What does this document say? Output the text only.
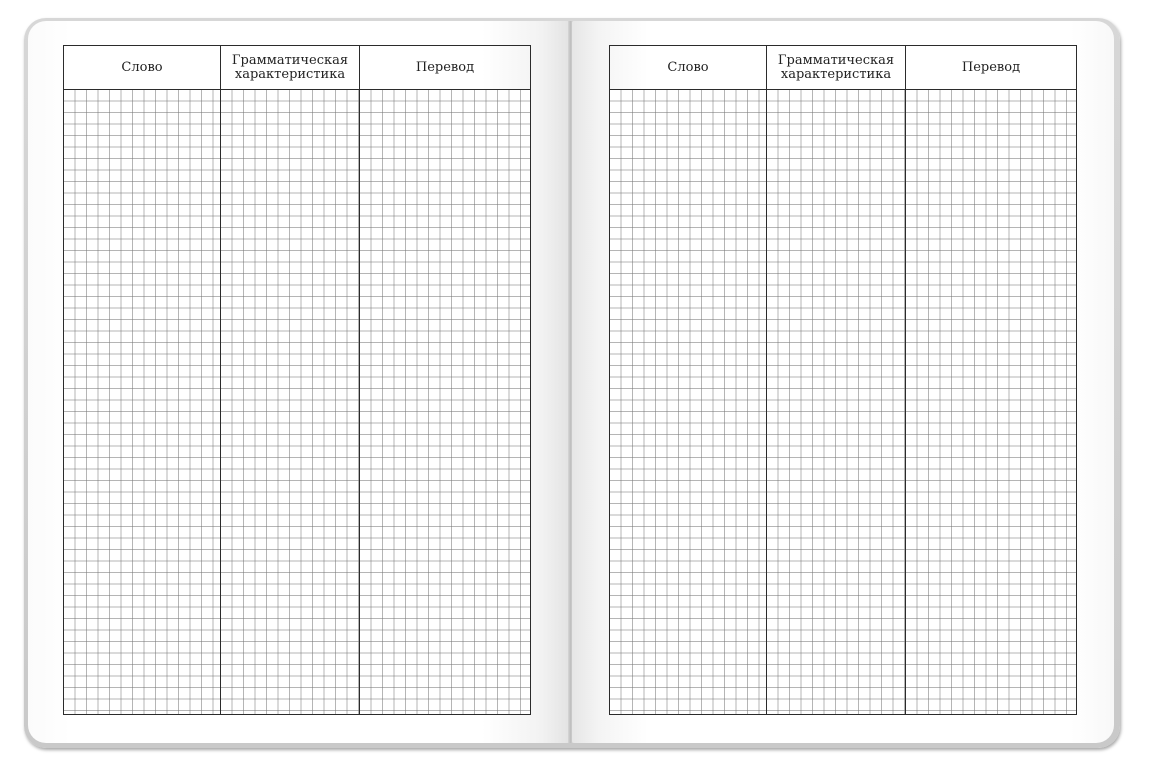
Слово	Грамматическая характеристика	Перевод	Слово	Грамматическая характеристика	Перевод
